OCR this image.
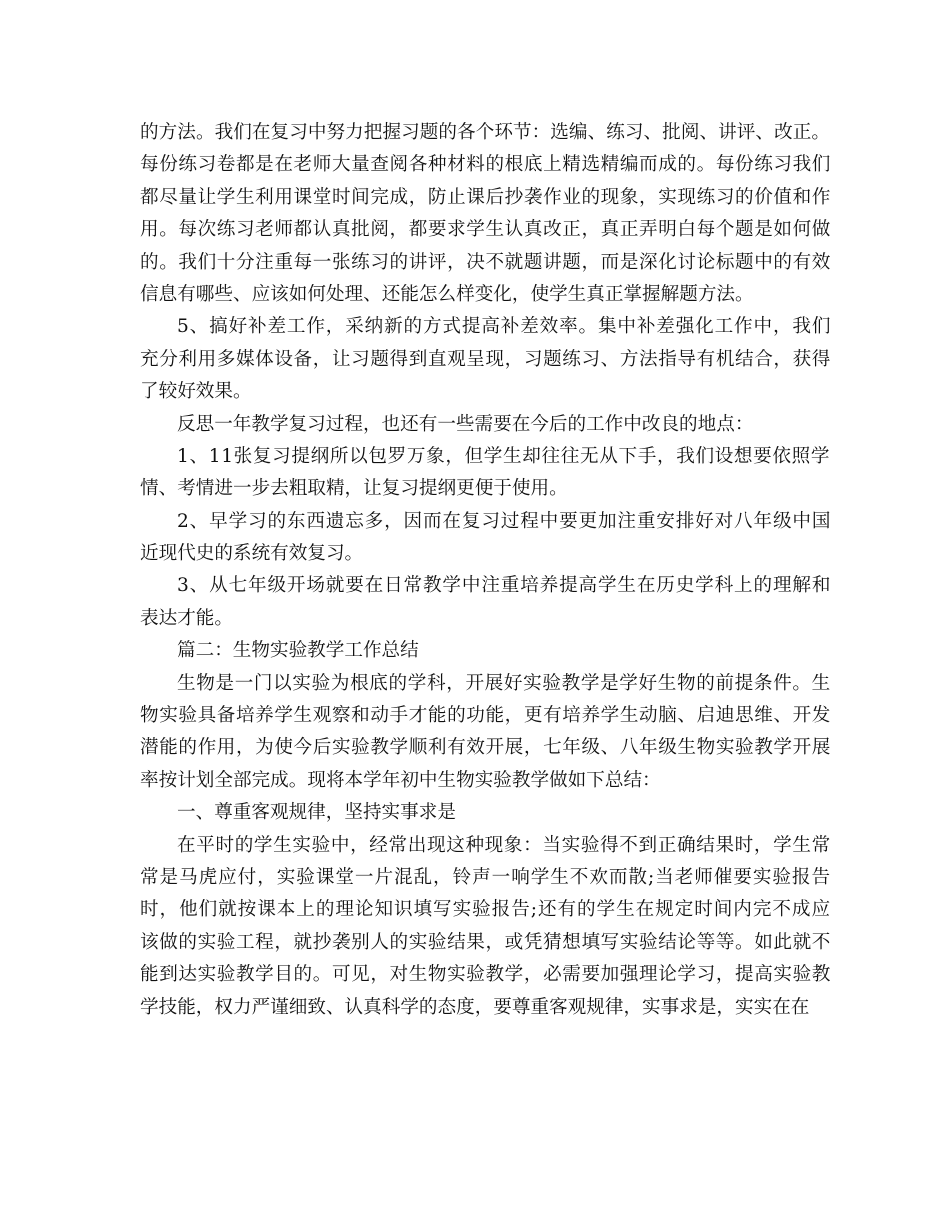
的方法。我们在复习中努力把握习题的各个环节：选编、练习、批阅、讲评、改正。
每份练习卷都是在老师大量查阅各种材料的根底上精选精编而成的。每份练习我们
都尽量让学生利用课堂时间完成，防止课后抄袭作业的现象，实现练习的价值和作
用。每次练习老师都认真批阅，都要求学生认真改正，真正弄明白每个题是如何做
的。我们十分注重每一张练习的讲评，决不就题讲题，而是深化讨论标题中的有效
信息有哪些、应该如何处理、还能怎么样变化，使学生真正掌握解题方法。
5、搞好补差工作，采纳新的方式提高补差效率。集中补差强化工作中，我们
充分利用多媒体设备，让习题得到直观呈现，习题练习、方法指导有机结合，获得
了较好效果。
反思一年教学复习过程，也还有一些需要在今后的工作中改良的地点：
1、11张复习提纲所以包罗万象，但学生却往往无从下手，我们设想要依照学
情、考情进一步去粗取精，让复习提纲更便于使用。
2、早学习的东西遗忘多，因而在复习过程中要更加注重安排好对八年级中国
近现代史的系统有效复习。
3、从七年级开场就要在日常教学中注重培养提高学生在历史学科上的理解和
表达才能。
篇二：生物实验教学工作总结
生物是一门以实验为根底的学科，开展好实验教学是学好生物的前提条件。生
物实验具备培养学生观察和动手才能的功能，更有培养学生动脑、启迪思维、开发
潜能的作用，为使今后实验教学顺利有效开展，七年级、八年级生物实验教学开展
率按计划全部完成。现将本学年初中生物实验教学做如下总结：
一、尊重客观规律，坚持实事求是
在平时的学生实验中，经常出现这种现象：当实验得不到正确结果时，学生常
常是马虎应付，实验课堂一片混乱，铃声一响学生不欢而散;当老师催要实验报告
时，他们就按课本上的理论知识填写实验报告;还有的学生在规定时间内完不成应
该做的实验工程，就抄袭别人的实验结果，或凭猜想填写实验结论等等。如此就不
能到达实验教学目的。可见，对生物实验教学，必需要加强理论学习，提高实验教
学技能，权力严谨细致、认真科学的态度，要尊重客观规律，实事求是，实实在在
